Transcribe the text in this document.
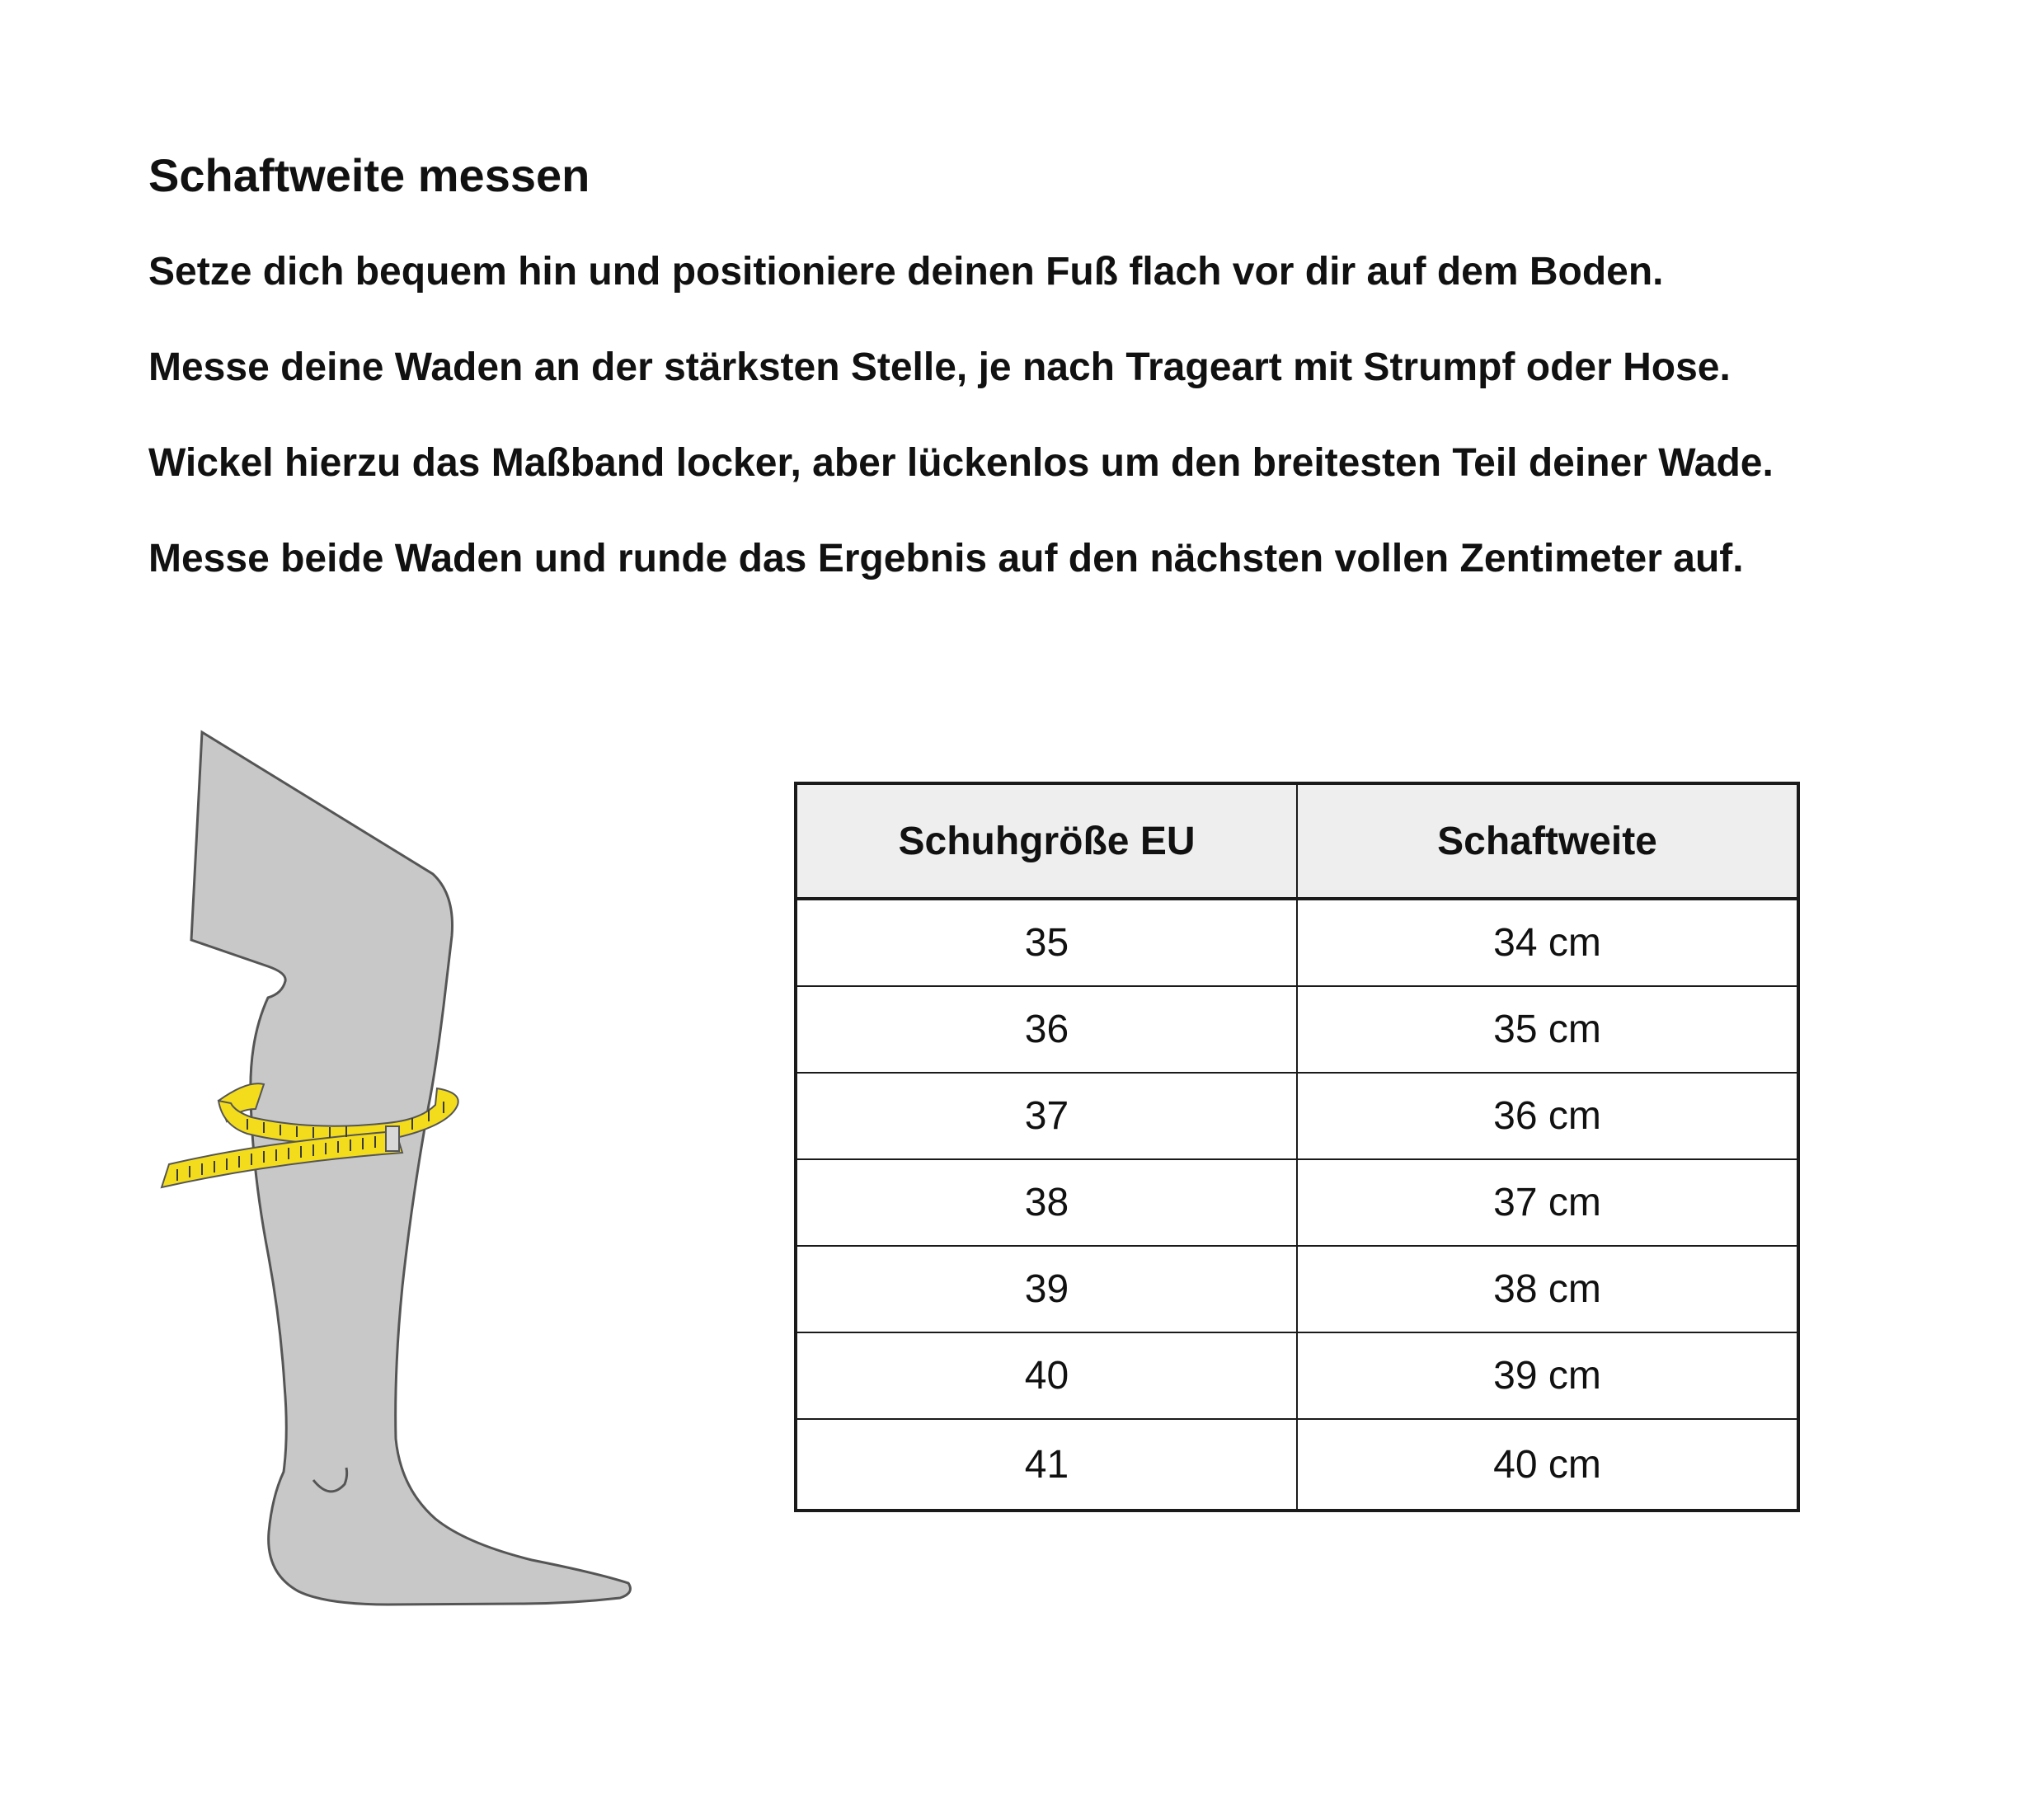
Schaftweite messen
Setze dich bequem hin und positioniere deinen Fuß flach vor dir auf dem Boden.
Messe deine Waden an der stärksten Stelle, je nach Trageart mit Strumpf oder Hose.
Wickel hierzu das Maßband locker, aber lückenlos um den breitesten Teil deiner Wade.
Messe beide Waden und runde das Ergebnis auf den nächsten vollen Zentimeter auf.
Schuhgröße EU	Schaftweite
35	34 cm
36	35 cm
37	36 cm
38	37 cm
39	38 cm
40	39 cm
41	40 cm
